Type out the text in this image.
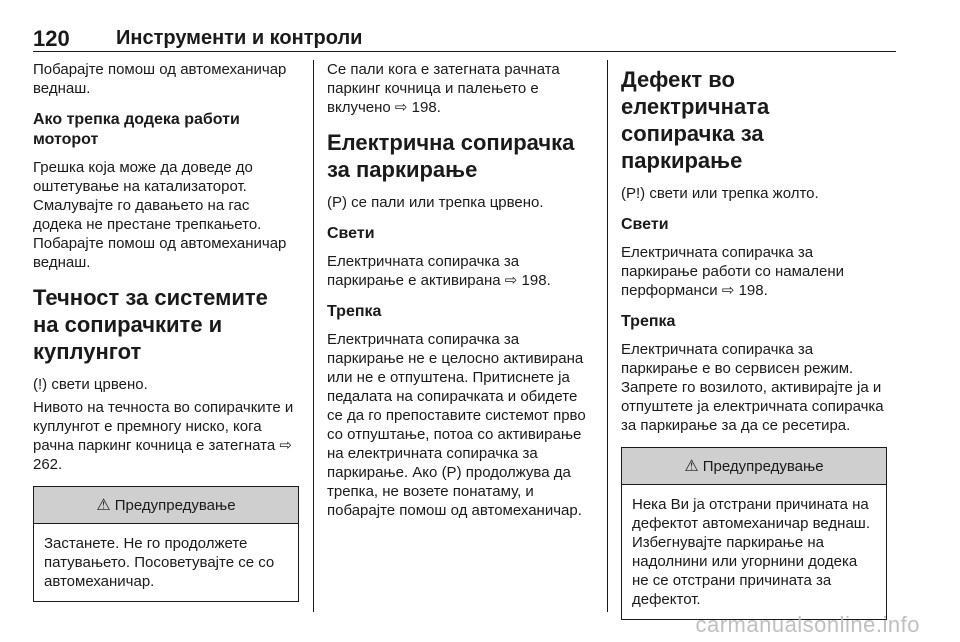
120 Инструменти и контроли

Побарајте помош од автомеханичар веднаш.

Ако трепка додека работи моторот

Грешка која може да доведе до оштетување на катализаторот. Смалувајте го давањето на гас додека не престане трепкањето. Побарајте помош од автомеханичар веднаш.

Течност за системите на сопирачките и куплунгот

(!) свети црвено.

Нивото на течноста во сопирачките и куплунгот е премногу ниско, кога рачна паркинг кочница е затегната ⇨ 262.

⚠ Предупредување
Застанете. Не го продолжете патувањето. Посоветувајте се со автомеханичар.

Се пали кога е затегната рачната паркинг кочница и палењето е вклучено ⇨ 198.

Електрична сопирачка за паркирање

(P) се пали или трепка црвено.

Свети

Електричната сопирачка за паркирање е активирана ⇨ 198.

Трепка

Електричната сопирачка за паркирање не е целосно активирана или не е отпуштена. Притиснете ја педалата на сопирачката и обидете се да го препоставите системот прво со отпуштање, потоа со активирање на електричната сопирачка за паркирање. Ако (P) продолжува да трепка, не возете понатаму, и побарајте помош од автомеханичар.

Дефект во електричната сопирачка за паркирање

(P!) свети или трепка жолто.

Свети

Електричната сопирачка за паркирање работи со намалени перформанси ⇨ 198.

Трепка

Електричната сопирачка за паркирање е во сервисен режим. Запрете го возилото, активирајте ја и отпуштете ја електричната сопирачка за паркирање за да се ресетира.

⚠ Предупредување
Нека Ви ја отстрани причината на дефектот автомеханичар веднаш. Избегнувајте паркирање на надолнини или угорнини додека не се отстрани причината за дефектот.
carmanualsonline.info
